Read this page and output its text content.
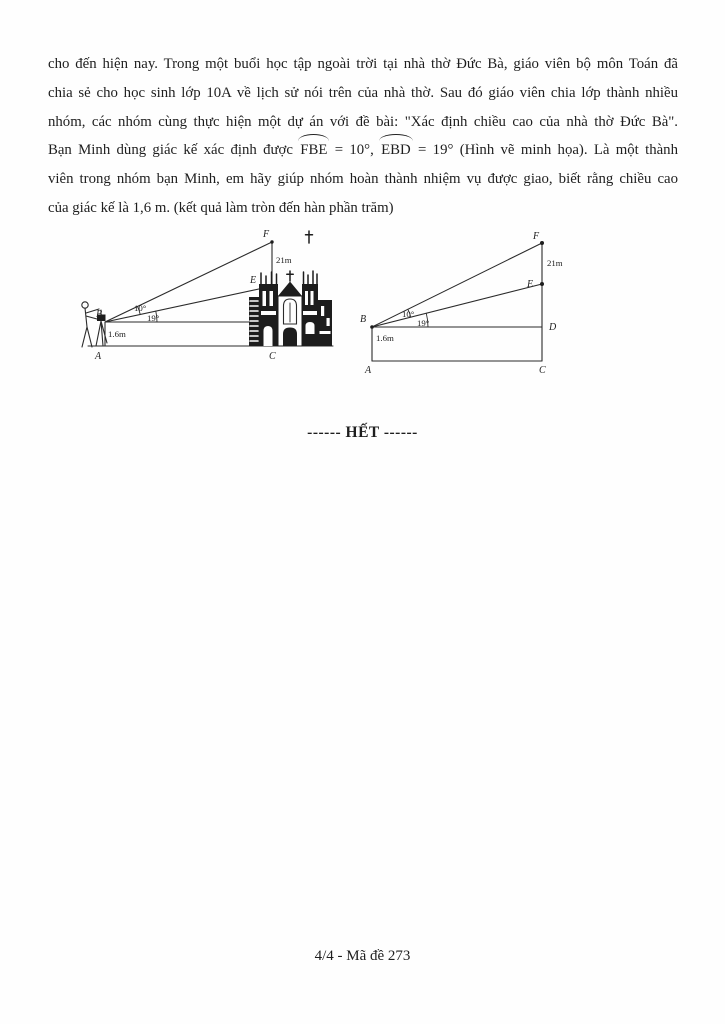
cho đến hiện nay. Trong một buổi học tập ngoài trời tại nhà thờ Đức Bà, giáo viên bộ môn Toán đã
chia sẻ cho học sinh lớp 10A về lịch sử nói trên của nhà thờ. Sau đó giáo viên chia lớp thành nhiều
nhóm, các nhóm cùng thực hiện một dự án với đề bài: "Xác định chiều cao của nhà thờ Đức Bà".
Bạn Minh dùng giác kế xác định được FBE = 10°, EBD = 19° (Hình vẽ minh họa). Là một thành
viên trong nhóm bạn Minh, em hãy giúp nhóm hoàn thành nhiệm vụ được giao, biết rằng chiều cao
của giác kế là 1,6 m. (kết quả làm tròn đến hàn phần trăm)
F
E
B
A	C
21m
10°
19°
1.6m
F
E
D
B
A	C
21m
10°
19°
1.6m
------ HẾT ------
4/4 - Mã đề 273
